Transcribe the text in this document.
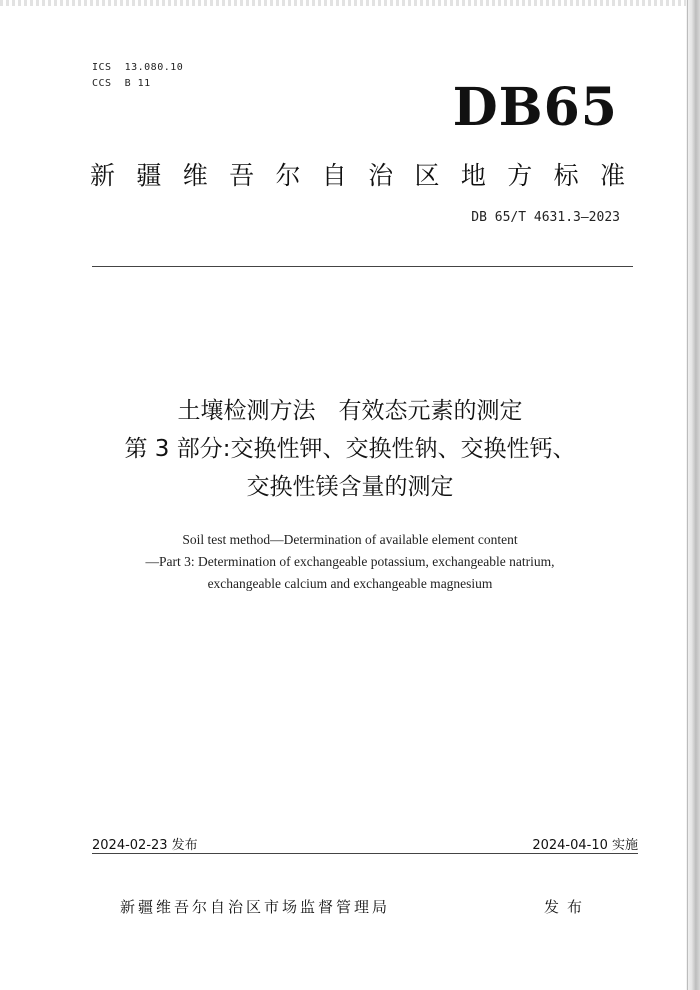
ICS  13.080.10
CCS  B 11	DB65
新 疆 维 吾 尔 自 治 区 地 方 标 准
DB 65/T 4631.3—2023
土壤检测方法　有效态元素的测定
第 3 部分:交换性钾、交换性钠、交换性钙、
交换性镁含量的测定
Soil test method—Determination of available element content
—Part 3: Determination of exchangeable potassium, exchangeable natrium,
exchangeable calcium and exchangeable magnesium
2024-02-23 发布	2024-04-10 实施
新疆维吾尔自治区市场监督管理局	发布
